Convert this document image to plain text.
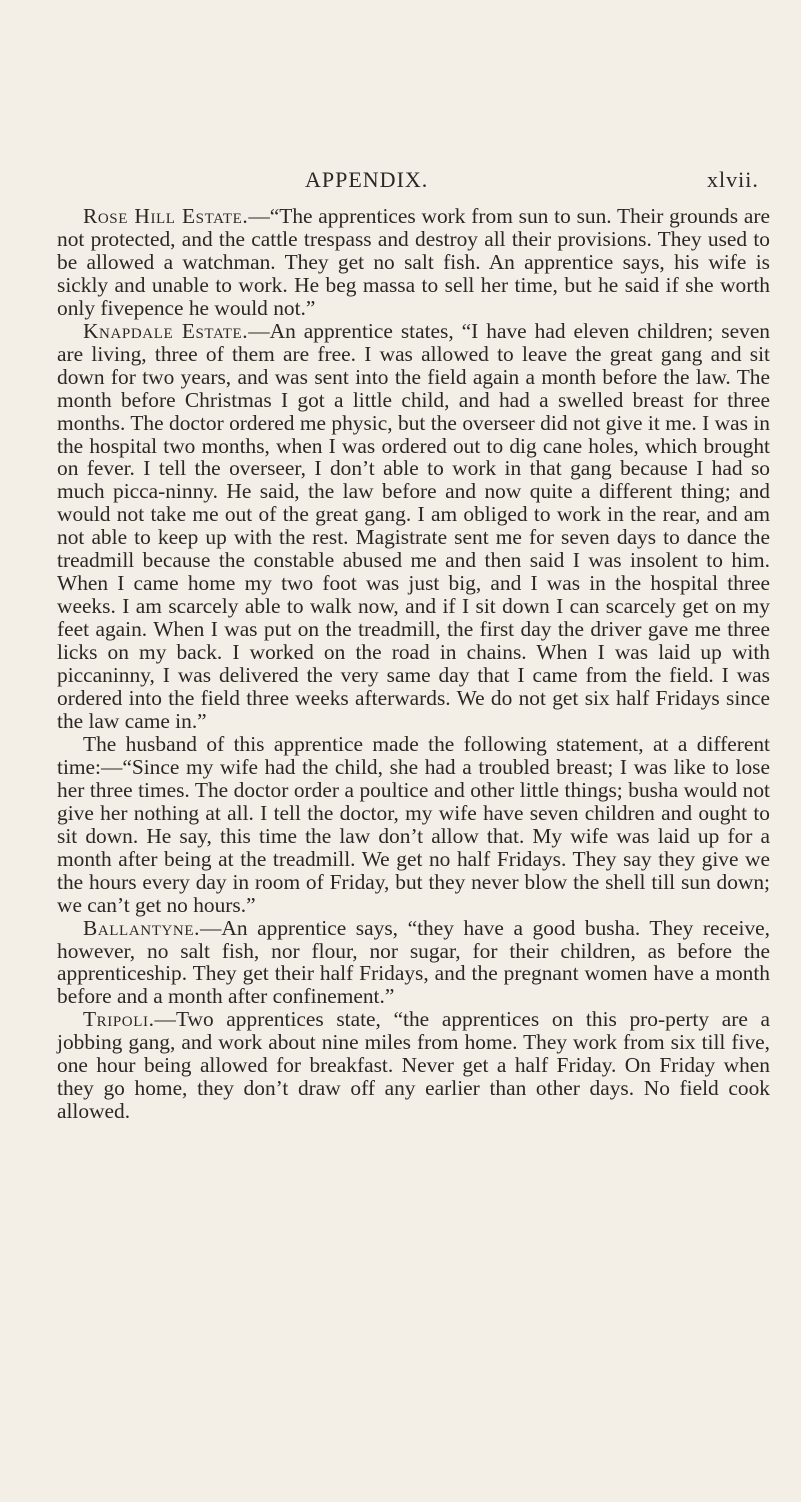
APPENDIX.	xlvii.

Rose Hill Estate.—“The apprentices work from sun to sun. Their grounds are not protected, and the cattle trespass and destroy all their provisions. They used to be allowed a watchman. They get no salt fish. An apprentice says, his wife is sickly and unable to work. He beg massa to sell her time, but he said if she worth only fivepence he would not.”

Knapdale Estate.—An apprentice states, “I have had eleven children; seven are living, three of them are free. I was allowed to leave the great gang and sit down for two years, and was sent into the field again a month before the law. The month before Christmas I got a little child, and had a swelled breast for three months. The doctor ordered me physic, but the overseer did not give it me. I was in the hospital two months, when I was ordered out to dig cane holes, which brought on fever. I tell the overseer, I don’t able to work in that gang because I had so much picca-ninny. He said, the law before and now quite a different thing; and would not take me out of the great gang. I am obliged to work in the rear, and am not able to keep up with the rest. Magistrate sent me for seven days to dance the treadmill because the constable abused me and then said I was insolent to him. When I came home my two foot was just big, and I was in the hospital three weeks. I am scarcely able to walk now, and if I sit down I can scarcely get on my feet again. When I was put on the treadmill, the first day the driver gave me three licks on my back. I worked on the road in chains. When I was laid up with piccaninny, I was delivered the very same day that I came from the field. I was ordered into the field three weeks afterwards. We do not get six half Fridays since the law came in.”

The husband of this apprentice made the following statement, at a different time:—“Since my wife had the child, she had a troubled breast; I was like to lose her three times. The doctor order a poultice and other little things; busha would not give her nothing at all. I tell the doctor, my wife have seven children and ought to sit down. He say, this time the law don’t allow that. My wife was laid up for a month after being at the treadmill. We get no half Fridays. They say they give we the hours every day in room of Friday, but they never blow the shell till sun down; we can’t get no hours.”

Ballantyne.—An apprentice says, “they have a good busha. They receive, however, no salt fish, nor flour, nor sugar, for their children, as before the apprenticeship. They get their half Fridays, and the pregnant women have a month before and a month after confinement.”

Tripoli.—Two apprentices state, “the apprentices on this pro-perty are a jobbing gang, and work about nine miles from home. They work from six till five, one hour being allowed for breakfast. Never get a half Friday. On Friday when they go home, they don’t draw off any earlier than other days. No field cook allowed.
